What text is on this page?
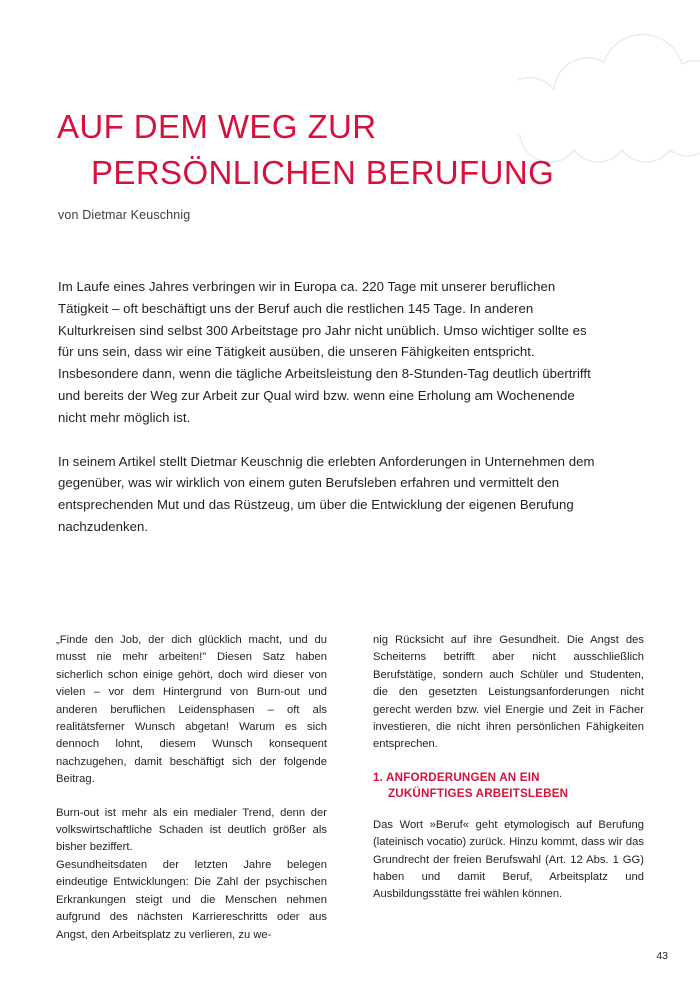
AUF DEM WEG ZUR
PERSÖNLICHEN BERUFUNG
von Dietmar Keuschnig

Im Laufe eines Jahres verbringen wir in Europa ca. 220 Tage mit unserer beruflichen Tätigkeit – oft beschäftigt uns der Beruf auch die restlichen 145 Tage. In anderen Kulturkreisen sind selbst 300 Arbeitstage pro Jahr nicht unüblich. Umso wichtiger sollte es für uns sein, dass wir eine Tätigkeit ausüben, die unseren Fähigkeiten entspricht. Insbesondere dann, wenn die tägliche Arbeitsleistung den 8-Stunden-Tag deutlich übertrifft und bereits der Weg zur Arbeit zur Qual wird bzw. wenn eine Erholung am Wochenende nicht mehr möglich ist.

In seinem Artikel stellt Dietmar Keuschnig die erlebten Anforderungen in Unternehmen dem gegenüber, was wir wirklich von einem guten Berufsleben erfahren und vermittelt den entsprechenden Mut und das Rüstzeug, um über die Entwicklung der eigenen Berufung nachzudenken.

„Finde den Job, der dich glücklich macht, und du musst nie mehr arbeiten!" Diesen Satz haben sicherlich schon einige gehört, doch wird dieser von vielen – vor dem Hintergrund von Burn-out und anderen beruflichen Leidensphasen – oft als realitätsferner Wunsch abgetan! Warum es sich dennoch lohnt, diesem Wunsch konsequent nachzugehen, damit beschäftigt sich der folgende Beitrag.

Burn-out ist mehr als ein medialer Trend, denn der volkswirtschaftliche Schaden ist deutlich größer als bisher beziffert.

Gesundheitsdaten der letzten Jahre belegen eindeutige Entwicklungen: Die Zahl der psychischen Erkrankungen steigt und die Menschen nehmen aufgrund des nächsten Karriereschritts oder aus Angst, den Arbeitsplatz zu verlieren, zu we-

nig Rücksicht auf ihre Gesundheit. Die Angst des Scheiterns betrifft aber nicht ausschließlich Berufstätige, sondern auch Schüler und Studenten, die den gesetzten Leistungsanforderungen nicht gerecht werden bzw. viel Energie und Zeit in Fächer investieren, die nicht ihren persönlichen Fähigkeiten entsprechen.

1. ANFORDERUNGEN AN EIN
ZUKÜNFTIGES ARBEITSLEBEN

Das Wort »Beruf« geht etymologisch auf Berufung (lateinisch vocatio) zurück. Hinzu kommt, dass wir das Grundrecht der freien Berufswahl (Art. 12 Abs. 1 GG) haben und damit Beruf, Arbeitsplatz und Ausbildungsstätte frei wählen können.

43
